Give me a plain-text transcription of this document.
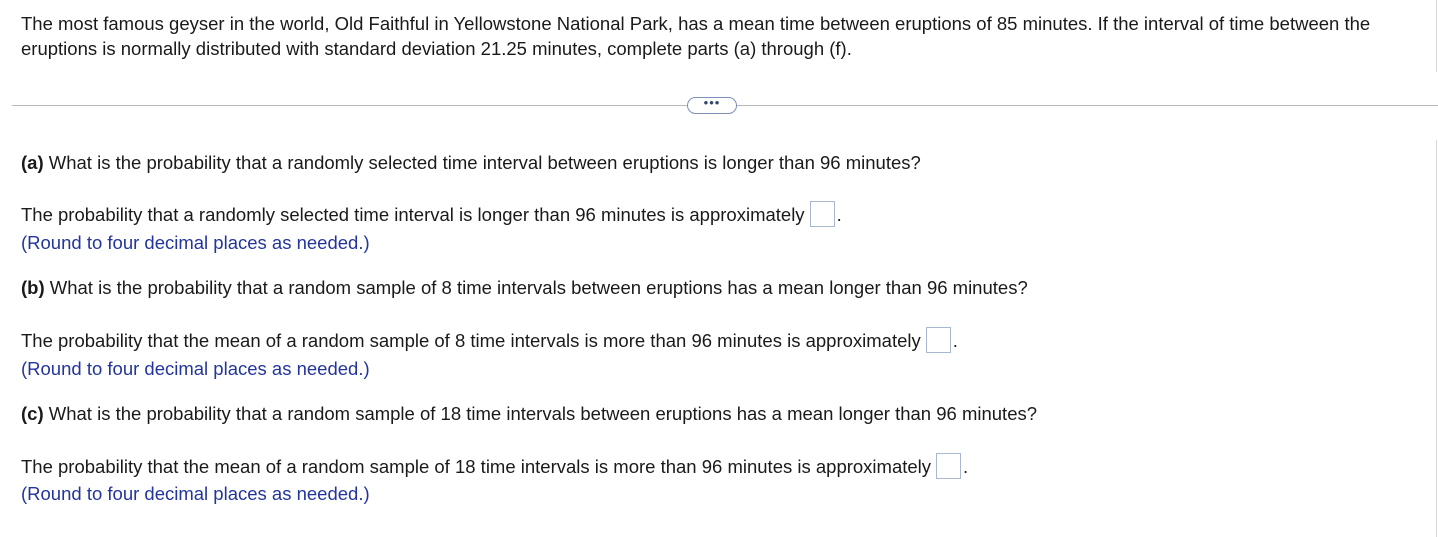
The most famous geyser in the world, Old Faithful in Yellowstone National Park, has a mean time between eruptions of 85 minutes. If the interval of time between the eruptions is normally distributed with standard deviation 21.25 minutes, complete parts (a) through (f).
•••
(a) What is the probability that a randomly selected time interval between eruptions is longer than 96 minutes?
The probability that a randomly selected time interval is longer than 96 minutes is approximately .
(Round to four decimal places as needed.)
(b) What is the probability that a random sample of 8 time intervals between eruptions has a mean longer than 96 minutes?
The probability that the mean of a random sample of 8 time intervals is more than 96 minutes is approximately .
(Round to four decimal places as needed.)
(c) What is the probability that a random sample of 18 time intervals between eruptions has a mean longer than 96 minutes?
The probability that the mean of a random sample of 18 time intervals is more than 96 minutes is approximately .
(Round to four decimal places as needed.)
